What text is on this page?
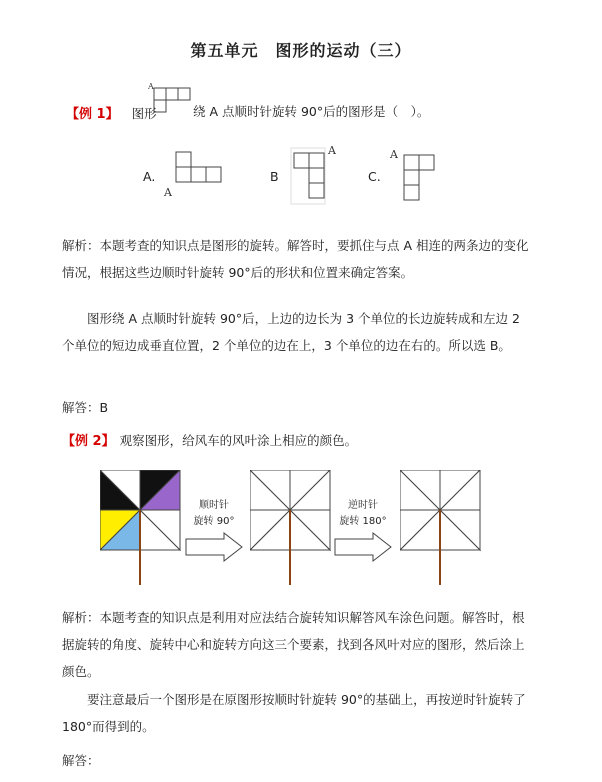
第五单元　图形的运动（三）
【例 1】 图形
A
绕 A 点顺时针旋转 90°后的图形是（　）。
A.
A
B
A
C.
A
解析：本题考查的知识点是图形的旋转。解答时，要抓住与点 A 相连的两条边的变化情况，根据这些边顺时针旋转 90°后的形状和位置来确定答案。
图形绕 A 点顺时针旋转 90°后，上边的边长为 3 个单位的长边旋转成和左边 2 个单位的短边成垂直位置，2 个单位的边在上，3 个单位的边在右的。所以选 B。
解答：B
【例 2】 观察图形，给风车的风叶涂上相应的颜色。
顺时针
旋转 90°
逆时针
旋转 180°
解析：本题考查的知识点是利用对应法结合旋转知识解答风车涂色问题。解答时，根据旋转的角度、旋转中心和旋转方向这三个要素，找到各风叶对应的图形，然后涂上颜色。
要注意最后一个图形是在原图形按顺时针旋转 90°的基础上，再按逆时针旋转了 180°而得到的。
解答：
